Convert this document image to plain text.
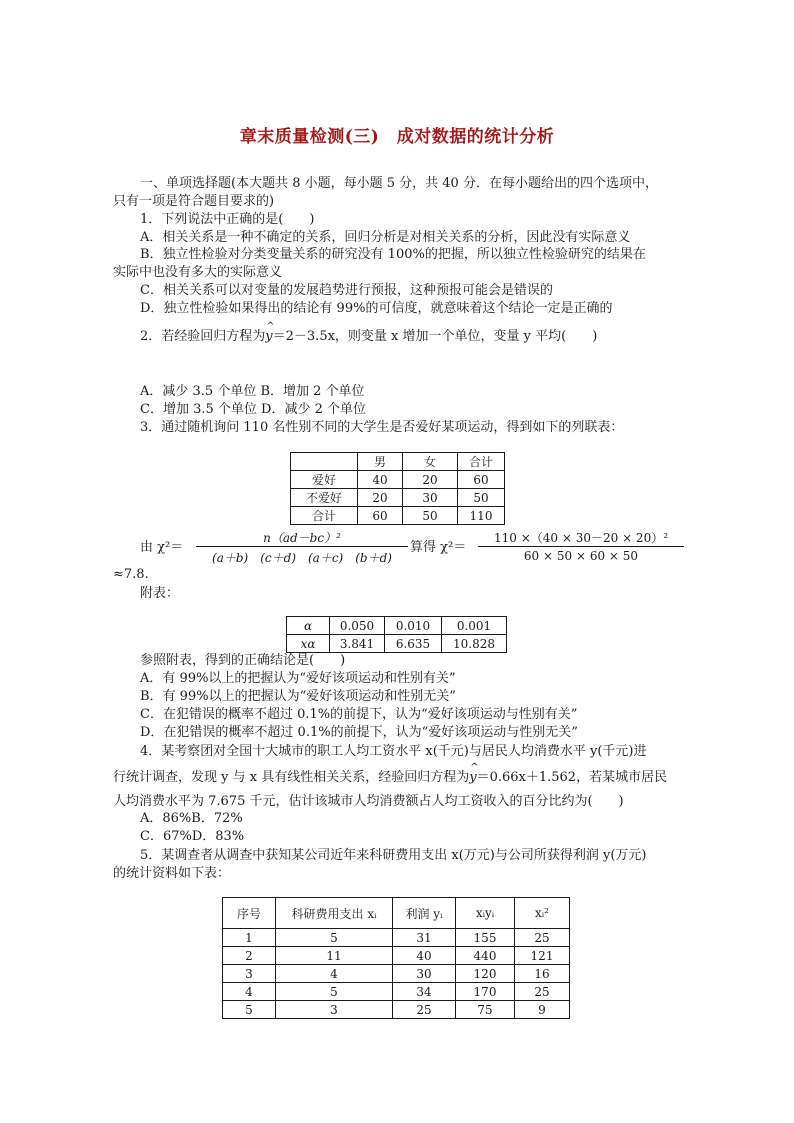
章末质量检测(三)　成对数据的统计分析
一、单项选择题(本大题共 8 小题，每小题 5 分，共 40 分．在每小题给出的四个选项中，
只有一项是符合题目要求的)
1．下列说法中正确的是(　　)
A．相关关系是一种不确定的关系，回归分析是对相关关系的分析，因此没有实际意义
B．独立性检验对分类变量关系的研究没有 100%的把握，所以独立性检验研究的结果在
实际中也没有多大的实际意义
C．相关关系可以对变量的发展趋势进行预报，这种预报可能会是错误的
D．独立性检验如果得出的结论有 99%的可信度，就意味着这个结论一定是正确的
2．若经验回归方程为^ y＝2－3.5x，则变量 x 增加一个单位，变量 y 平均(　　)
A．减少 3.5 个单位 B．增加 2 个单位
C．增加 3.5 个单位 D．减少 2 个单位
3．通过随机询问 110 名性别不同的大学生是否爱好某项运动，得到如下的列联表：
	男	女	合计
爱好	40	20	60
不爱好	20	30	50
合计	60	50	110
由 χ²＝
n（ad－bc）²
(a＋b)　(c＋d)　(a＋c)　(b＋d)
算得 χ²＝
110 ×（40 × 30－20 × 20）²
60 × 50 × 60 × 50
≈7.8.
附表：
α	0.050	0.010	0.001
xα	3.841	6.635	10.828
参照附表，得到的正确结论是(　　)
A．有 99%以上的把握认为“爱好该项运动和性别有关”
B．有 99%以上的把握认为“爱好该项运动和性别无关”
C．在犯错误的概率不超过 0.1%的前提下，认为“爱好该项运动与性别有关”
D．在犯错误的概率不超过 0.1%的前提下，认为“爱好该项运动与性别无关”
4．某考察团对全国十大城市的职工人均工资水平 x(千元)与居民人均消费水平 y(千元)进
行统计调查，发现 y 与 x 具有线性相关关系，经验回归方程为^ y＝0.66x＋1.562，若某城市居民
人均消费水平为 7.675 千元，估计该城市人均消费额占人均工资收入的百分比约为(　　)
A．86%B．72%
C．67%D．83%
5．某调查者从调查中获知某公司近年来科研费用支出 x(万元)与公司所获得利润 y(万元)
的统计资料如下表：
序号	科研费用支出 xᵢ	利润 yᵢ	xᵢyᵢ	xᵢ²
1	5	31	155	25
2	11	40	440	121
3	4	30	120	16
4	5	34	170	25
5	3	25	75	9
